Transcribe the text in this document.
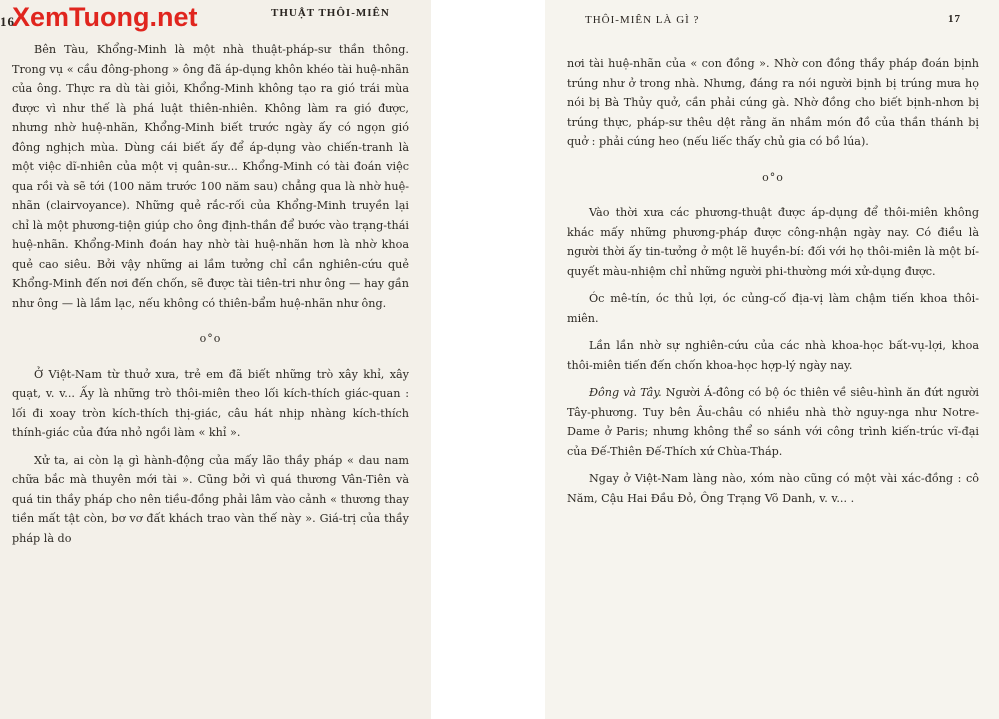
16
THUẬT THÔI-MIÊN
XemTuong.net

Bên Tàu, Khổng-Minh là một nhà thuật-pháp-sư thần thông. Trong vụ « cầu đông-phong » ông đã áp-dụng khôn khéo tài huệ-nhãn của ông. Thực ra dù tài giỏi, Khổng-Minh không tạo ra gió trái mùa được vì như thế là phá luật thiên-nhiên. Không làm ra gió được, nhưng nhờ huệ-nhãn, Khổng-Minh biết trước ngày ấy có ngọn gió đông nghịch mùa. Dùng cái biết ấy để áp-dụng vào chiến-tranh là một việc dĩ-nhiên của một vị quân-sư... Khổng-Minh có tài đoán việc qua rồi và sẽ tới (100 năm trước 100 năm sau) chẳng qua là nhờ huệ-nhãn (clairvoyance). Những quẻ rắc-rối của Khổng-Minh truyền lại chỉ là một phương-tiện giúp cho ông định-thần để bước vào trạng-thái huệ-nhãn. Khổng-Minh đoán hay nhờ tài huệ-nhãn hơn là nhờ khoa quẻ cao siêu. Bởi vậy những ai lầm tưởng chỉ cần nghiên-cứu quẻ Khổng-Minh đến nơi đến chốn, sẽ được tài tiên-tri như ông — hay gần như ông — là lầm lạc, nếu không có thiên-bẩm huệ-nhãn như ông.

o°o

Ở Việt-Nam từ thuở xưa, trẻ em đã biết những trò xây khỉ, xây quạt, v. v... Ấy là những trò thôi-miên theo lối kích-thích giác-quan : lối đi xoay tròn kích-thích thị-giác, câu hát nhịp nhàng kích-thích thính-giác của đứa nhỏ ngồi làm « khỉ ».

Xử ta, ai còn lạ gì hành-động của mấy lão thầy pháp « dau nam chữa bắc mà thuyên mới tài ». Cũng bởi vì quá thương Vân-Tiên và quá tin thầy pháp cho nên tiều-đồng phải lâm vào cảnh « thương thay tiền mất tật còn, bơ vơ đất khách trao vàn thế này ». Giá-trị của thầy pháp là do

THÔI-MIÊN LÀ GÌ ?	17

nơi tài huệ-nhãn của « con đồng ». Nhờ con đồng thầy pháp đoán bịnh trúng như ở trong nhà. Nhưng, đáng ra nói người bịnh bị trúng mưa họ nói bị Bà Thủy quở, cần phải cúng gà. Nhờ đồng cho biết bịnh-nhơn bị trúng thực, pháp-sư thêu dệt rằng ăn nhầm món đồ của thần thánh bị quở : phải cúng heo (nếu liếc thấy chủ gia có bồ lúa).

o°o

Vào thời xưa các phương-thuật được áp-dụng để thôi-miên không khác mấy những phương-pháp được công-nhận ngày nay. Có điều là người thời ấy tin-tưởng ở một lẽ huyền-bí: đối với họ thôi-miên là một bí-quyết màu-nhiệm chỉ những người phi-thường mới xử-dụng được.

Óc mê-tín, óc thủ lợi, óc củng-cố địa-vị làm chậm tiến khoa thôi-miên.

Lần lần nhờ sự nghiên-cứu của các nhà khoa-học bất-vụ-lợi, khoa thôi-miên tiến đến chốn khoa-học hợp-lý ngày nay.

Đông và Tây. Người Á-đông có bộ óc thiên về siêu-hình ăn đứt người Tây-phương. Tuy bên Âu-châu có nhiều nhà thờ nguy-nga như Notre-Dame ở Paris; nhưng không thể so sánh với công trình kiến-trúc vĩ-đại của Đế-Thiên Đế-Thích xứ Chùa-Tháp.

Ngay ở Việt-Nam làng nào, xóm nào cũng có một vài xác-đồng : cô Năm, Cậu Hai Đầu Đỏ, Ông Trạng Võ Danh, v. v... .
